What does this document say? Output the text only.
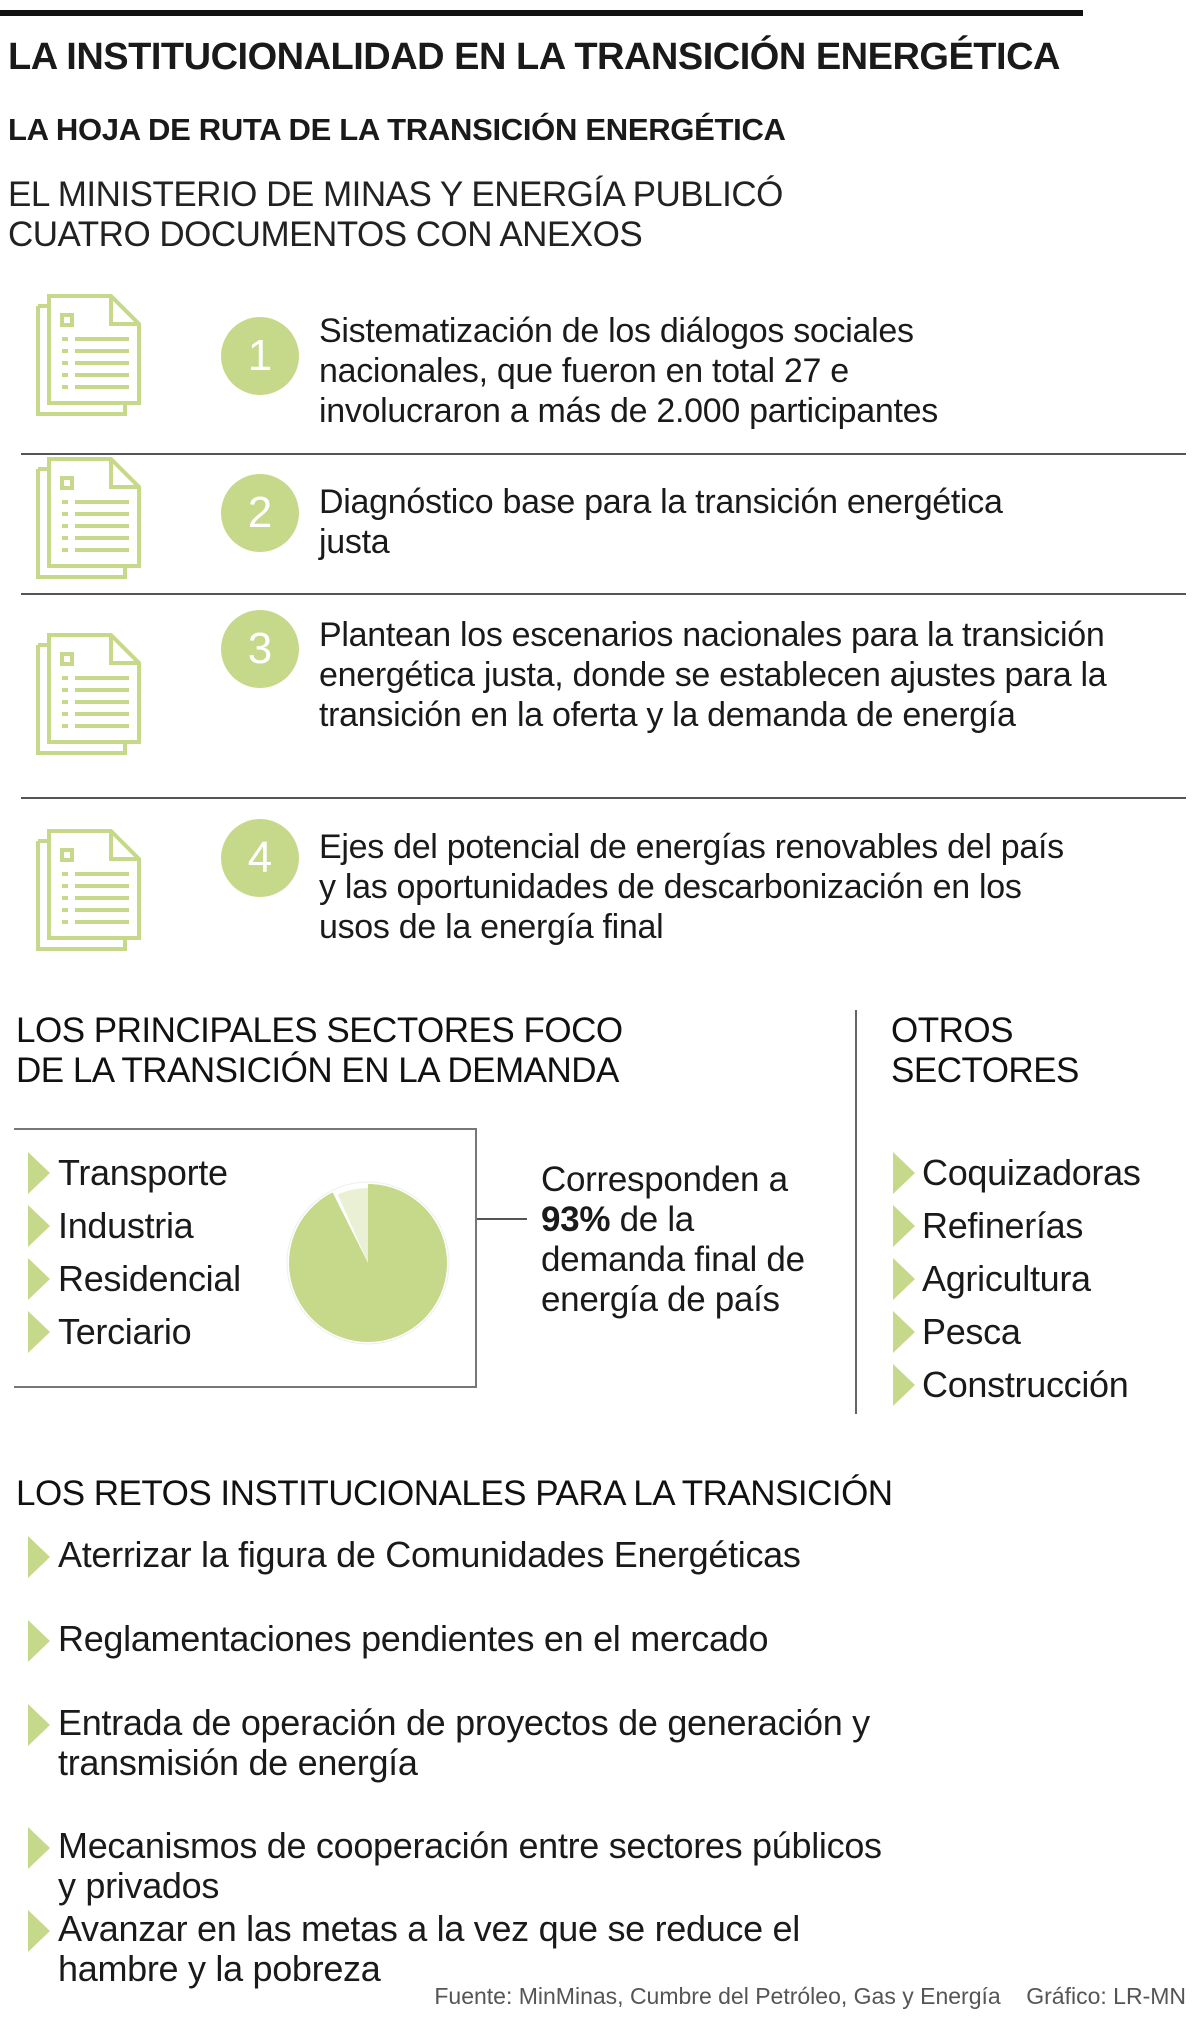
LA INSTITUCIONALIDAD EN LA TRANSICIÓN ENERGÉTICA
LA HOJA DE RUTA DE LA TRANSICIÓN ENERGÉTICA
EL MINISTERIO DE MINAS Y ENERGÍA PUBLICÓ
CUATRO DOCUMENTOS CON ANEXOS
1	Sistematización de los diálogos sociales nacionales, que fueron en total 27 e involucraron a más de 2.000 participantes
2	Diagnóstico base para la transición energética justa
3	Plantean los escenarios nacionales para la transición energética justa, donde se establecen ajustes para la transición en la oferta y la demanda de energía
4	Ejes del potencial de energías renovables del país y las oportunidades de descarbonización en los usos de la energía final
LOS PRINCIPALES SECTORES FOCO
DE LA TRANSICIÓN EN LA DEMANDA
Transporte
Industria
Residencial
Terciario
Corresponden a
93% de la
demanda final de
energía de país
OTROS
SECTORES
Coquizadoras
Refinerías
Agricultura
Pesca
Construcción
LOS RETOS INSTITUCIONALES PARA LA TRANSICIÓN
Aterrizar la figura de Comunidades Energéticas
Reglamentaciones pendientes en el mercado
Entrada de operación de proyectos de generación y transmisión de energía
Mecanismos de cooperación entre sectores públicos y privados
Avanzar en las metas a la vez que se reduce el hambre y la pobreza
Fuente: MinMinas, Cumbre del Petróleo, Gas y Energía Gráfico: LR-MN
